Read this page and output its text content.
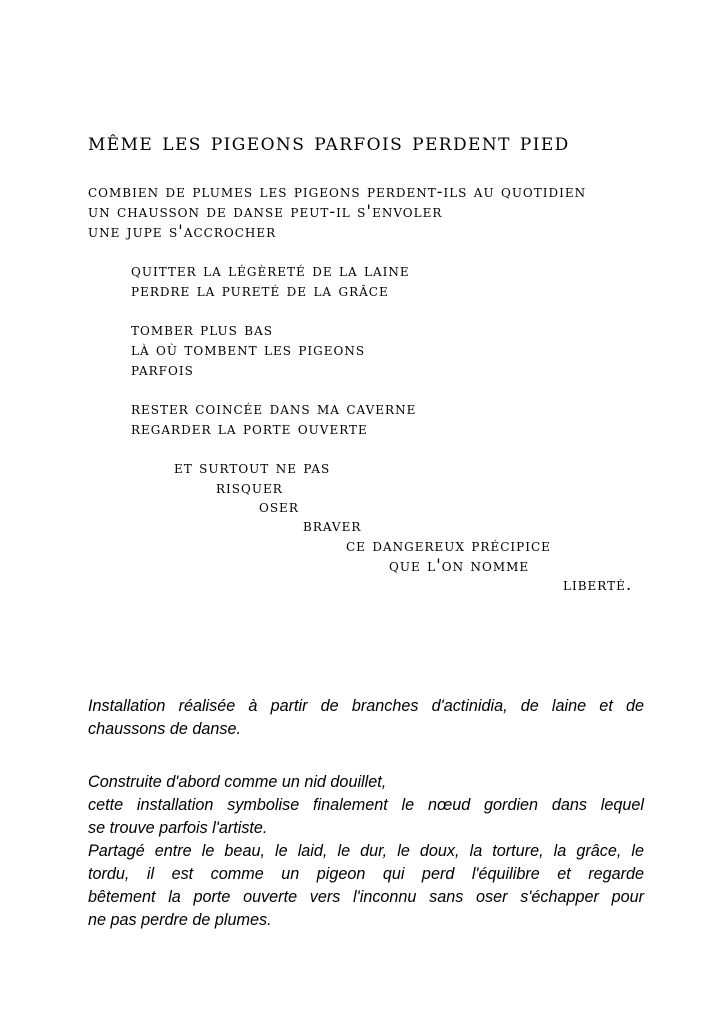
même les pigeons parfois perdent pied
combien de plumes les pigeons perdent-ils au quotidien
un chausson de danse peut-il s'envoler
une jupe s'accrocher
quitter la légèreté de la laine
perdre la pureté de la grâce
tomber plus bas
là où tombent les pigeons
parfois
rester coincée dans ma caverne
regarder la porte ouverte
et surtout ne pas
risquer
oser
braver
ce dangereux précipice
que l'on nomme
liberté.
Installation réalisée à partir de branches d'actinidia, de laine et de
chaussons de danse.
Construite d'abord comme un nid douillet,
cette installation symbolise finalement le nœud gordien dans lequel
se trouve parfois l'artiste.
Partagé entre le beau, le laid, le dur, le doux, la torture, la grâce, le
tordu, il est comme un pigeon qui perd l'équilibre et regarde
bêtement la porte ouverte vers l'inconnu sans oser s'échapper pour
ne pas perdre de plumes.
